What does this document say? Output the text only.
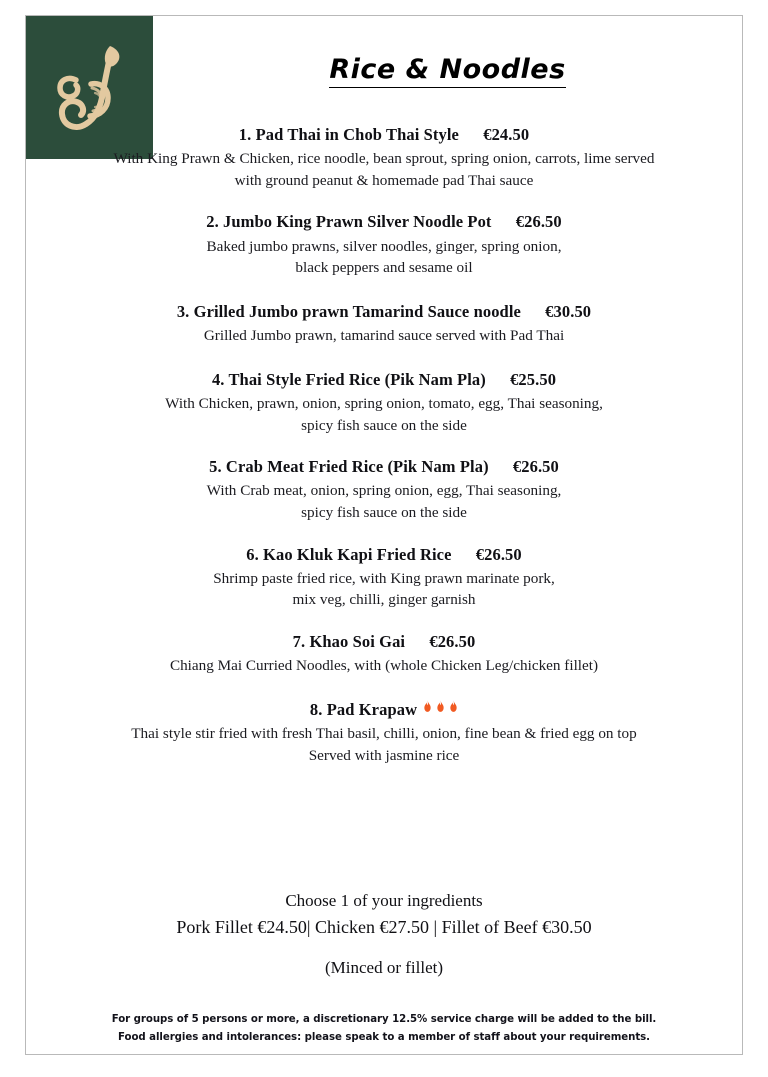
Rice & Noodles
1. Pad Thai in Chob Thai Style €24.50
With King Prawn & Chicken, rice noodle, bean sprout, spring onion, carrots, lime served
with ground peanut & homemade pad Thai sauce
2. Jumbo King Prawn Silver Noodle Pot €26.50
Baked jumbo prawns, silver noodles, ginger, spring onion,
black peppers and sesame oil
3. Grilled Jumbo prawn Tamarind Sauce noodle €30.50
Grilled Jumbo prawn, tamarind sauce served with Pad Thai
4. Thai Style Fried Rice (Pik Nam Pla) €25.50
With Chicken, prawn, onion, spring onion, tomato, egg, Thai seasoning,
spicy fish sauce on the side
5. Crab Meat Fried Rice (Pik Nam Pla) €26.50
With Crab meat, onion, spring onion, egg, Thai seasoning,
spicy fish sauce on the side
6. Kao Kluk Kapi Fried Rice €26.50
Shrimp paste fried rice, with King prawn marinate pork,
mix veg, chilli, ginger garnish
7. Khao Soi Gai €26.50
Chiang Mai Curried Noodles, with (whole Chicken Leg/chicken fillet)
8. Pad Krapaw
Thai style stir fried with fresh Thai basil, chilli, onion, fine bean & fried egg on top
Served with jasmine rice
Choose 1 of your ingredients
Pork Fillet €24.50| Chicken €27.50 | Fillet of Beef €30.50
(Minced or fillet)
For groups of 5 persons or more, a discretionary 12.5% service charge will be added to the bill.
Food allergies and intolerances: please speak to a member of staff about your requirements.
